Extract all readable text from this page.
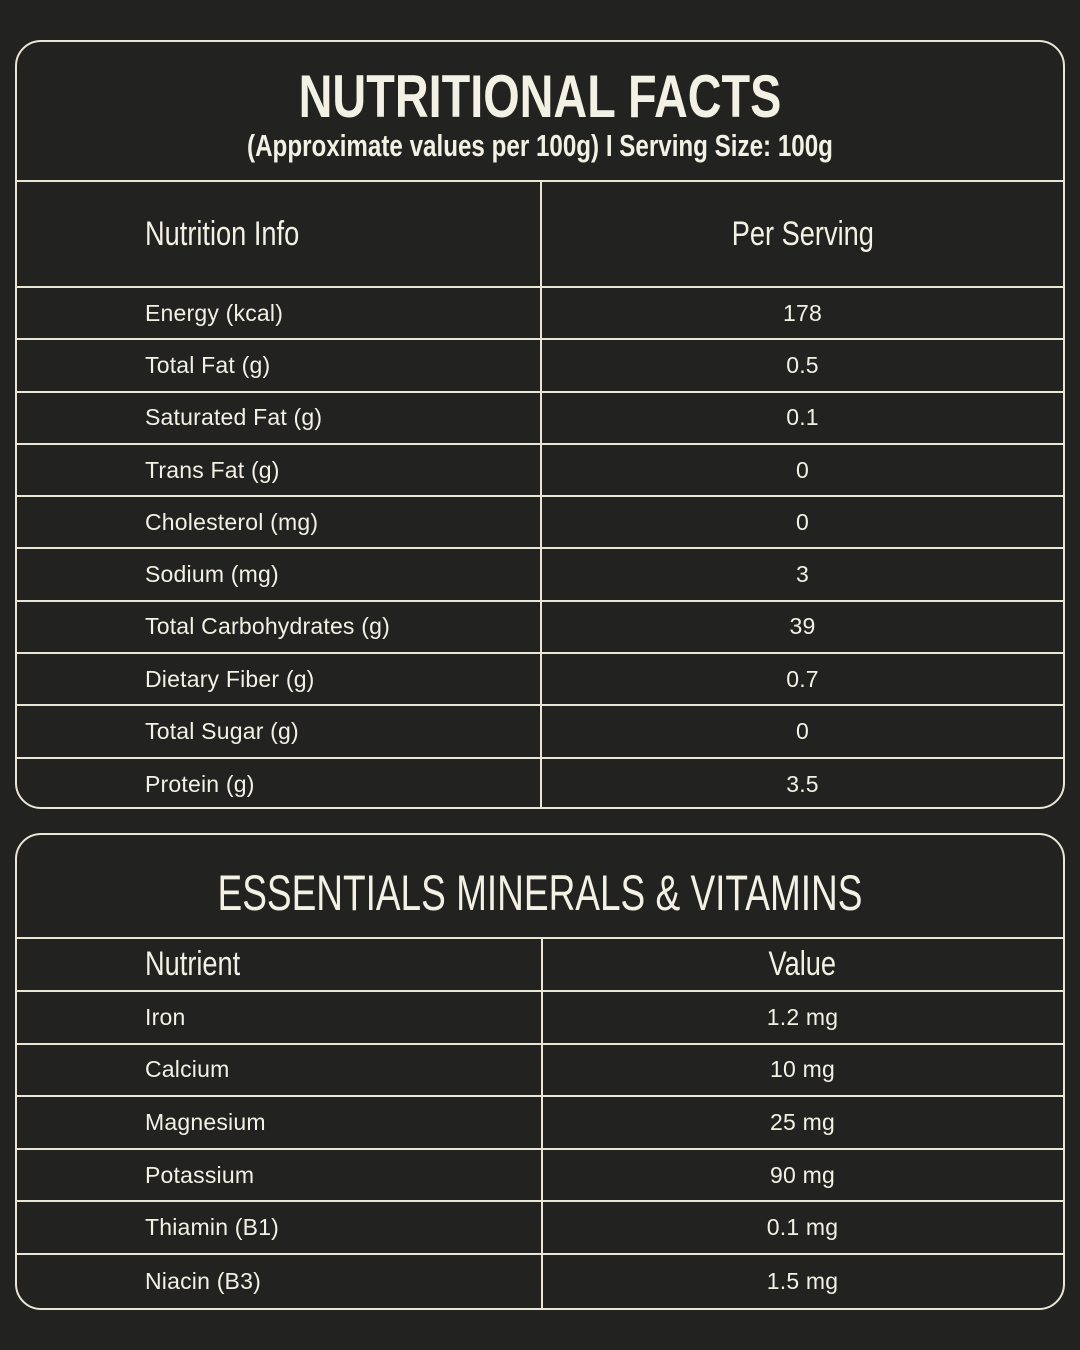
NUTRITIONAL FACTS
(Approximate values per 100g) I Serving Size: 100g
Nutrition Info	Per Serving
Energy (kcal)	178
Total Fat (g)	0.5
Saturated Fat (g)	0.1
Trans Fat (g)	0
Cholesterol (mg)	0
Sodium (mg)	3
Total Carbohydrates (g)	39
Dietary Fiber (g)	0.7
Total Sugar (g)	0
Protein (g)	3.5
ESSENTIALS MINERALS & VITAMINS
Nutrient	Value
Iron	1.2 mg
Calcium	10 mg
Magnesium	25 mg
Potassium	90 mg
Thiamin (B1)	0.1 mg
Niacin (B3)	1.5 mg
